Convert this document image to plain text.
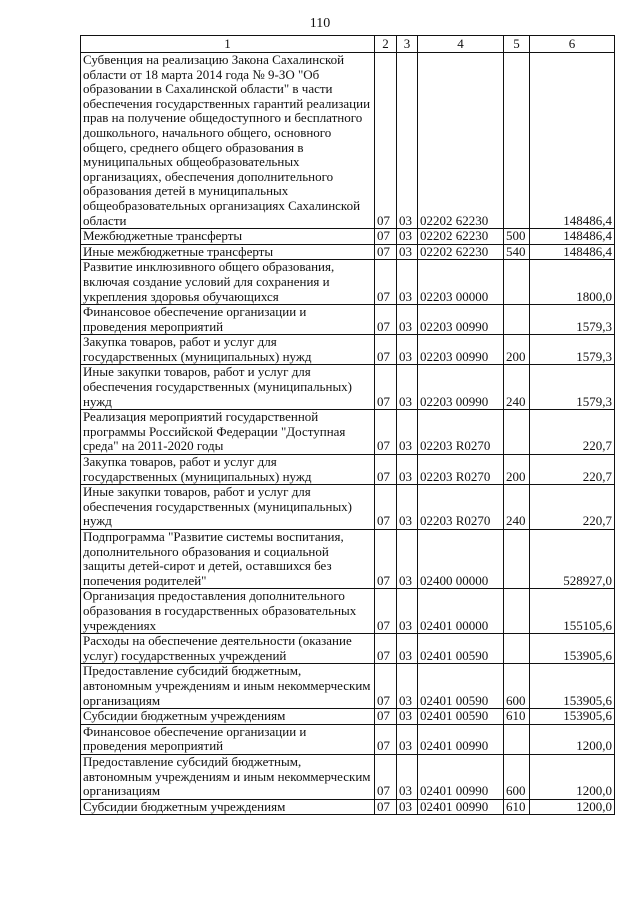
110
1	2	3	4	5	6
Субвенция на реализацию Закона Сахалинской области от 18 марта 2014 года № 9-ЗО "Об образовании в Сахалинской области" в части обеспечения государственных гарантий реализации прав на получение общедоступного и бесплатного дошкольного, начального общего, основного общего, среднего общего образования в муниципальных общеобразовательных организациях, обеспечения дополнительного образования детей в муниципальных общеобразовательных организациях Сахалинской области	07	03	02202 62230		148486,4
Межбюджетные трансферты	07	03	02202 62230	500	148486,4
Иные межбюджетные трансферты	07	03	02202 62230	540	148486,4
Развитие инклюзивного общего образования, включая создание условий для сохранения и укрепления здоровья обучающихся	07	03	02203 00000		1800,0
Финансовое обеспечение организации и проведения мероприятий	07	03	02203 00990		1579,3
Закупка товаров, работ и услуг для государственных (муниципальных) нужд	07	03	02203 00990	200	1579,3
Иные закупки товаров, работ и услуг для обеспечения государственных (муниципальных) нужд	07	03	02203 00990	240	1579,3
Реализация мероприятий государственной программы Российской Федерации "Доступная среда" на 2011-2020 годы	07	03	02203 R0270		220,7
Закупка товаров, работ и услуг для государственных (муниципальных) нужд	07	03	02203 R0270	200	220,7
Иные закупки товаров, работ и услуг для обеспечения государственных (муниципальных) нужд	07	03	02203 R0270	240	220,7
Подпрограмма "Развитие системы воспитания, дополнительного образования и социальной защиты детей-сирот и детей, оставшихся без попечения родителей"	07	03	02400 00000		528927,0
Организация предоставления дополнительного образования в государственных образовательных учреждениях	07	03	02401 00000		155105,6
Расходы на обеспечение деятельности (оказание услуг) государственных учреждений	07	03	02401 00590		153905,6
Предоставление субсидий бюджетным, автономным учреждениям и иным некоммерческим организациям	07	03	02401 00590	600	153905,6
Субсидии бюджетным учреждениям	07	03	02401 00590	610	153905,6
Финансовое обеспечение организации и проведения мероприятий	07	03	02401 00990		1200,0
Предоставление субсидий бюджетным, автономным учреждениям и иным некоммерческим организациям	07	03	02401 00990	600	1200,0
Субсидии бюджетным учреждениям	07	03	02401 00990	610	1200,0
